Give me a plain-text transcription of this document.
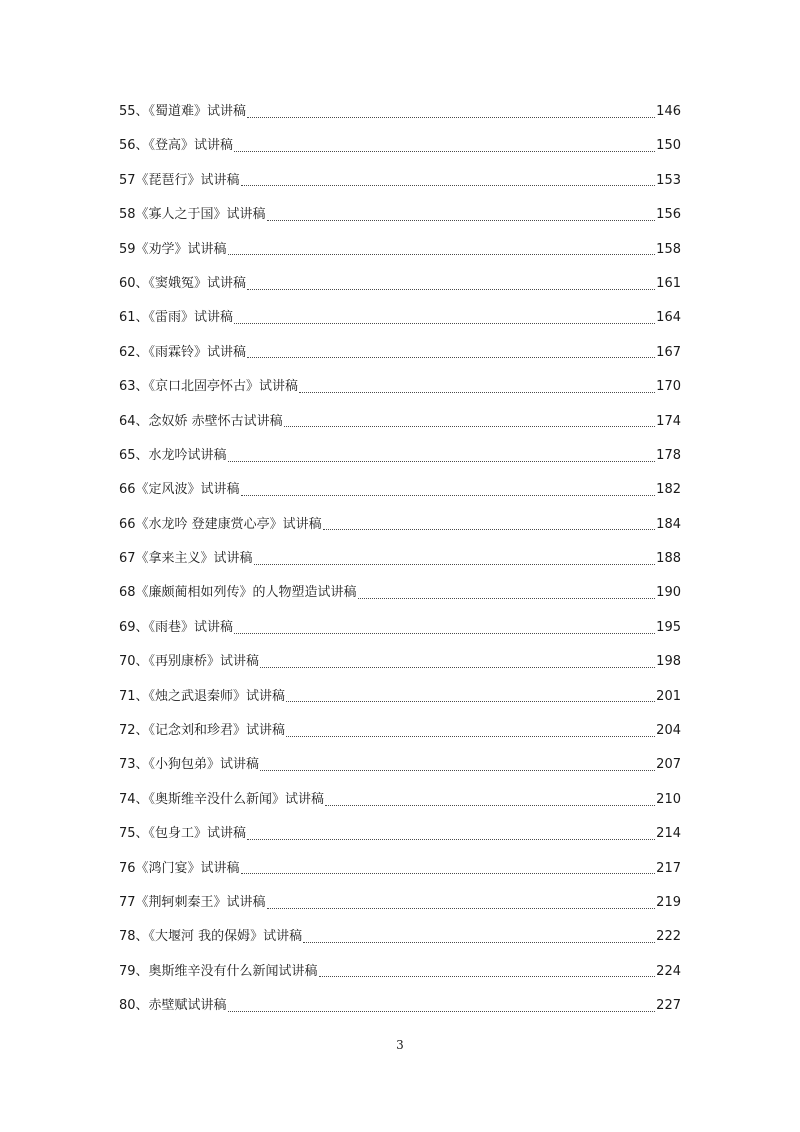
55、《蜀道难》试讲稿	146
56、《登高》试讲稿	150
57《琵琶行》试讲稿	153
58《寡人之于国》试讲稿	156
59《劝学》试讲稿	158
60、《窦娥冤》试讲稿	161
61、《雷雨》试讲稿	164
62、《雨霖铃》试讲稿	167
63、《京口北固亭怀古》试讲稿	170
64、念奴娇 赤壁怀古试讲稿	174
65、水龙吟试讲稿	178
66《定风波》试讲稿	182
66《水龙吟 登建康赏心亭》试讲稿	184
67《拿来主义》试讲稿	188
68《廉颇蔺相如列传》的人物塑造试讲稿	190
69、《雨巷》试讲稿	195
70、《再别康桥》试讲稿	198
71、《烛之武退秦师》试讲稿	201
72、《记念刘和珍君》试讲稿	204
73、《小狗包弟》试讲稿	207
74、《奥斯维辛没什么新闻》试讲稿	210
75、《包身工》试讲稿	214
76《鸿门宴》试讲稿	217
77《荆轲刺秦王》试讲稿	219
78、《大堰河 我的保姆》试讲稿	222
79、奥斯维辛没有什么新闻试讲稿	224
80、赤壁赋试讲稿	227
3
